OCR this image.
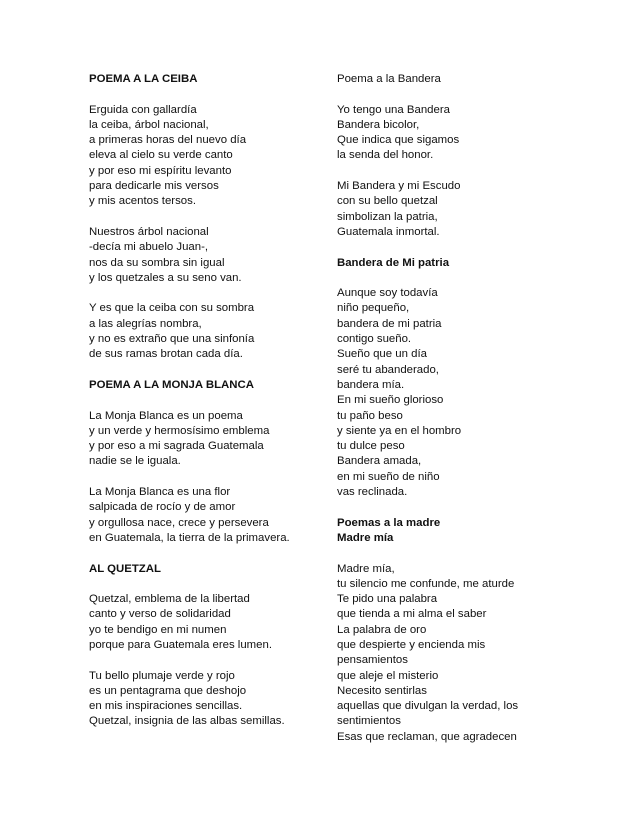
POEMA A LA CEIBA
Erguida con gallardía
la ceiba, árbol nacional,
a primeras horas del nuevo día
eleva al cielo su verde canto
y por eso mi espíritu levanto
para dedicarle mis versos
y mis acentos tersos.
Nuestros árbol nacional
-decía mi abuelo Juan-,
nos da su sombra sin igual
y los quetzales a su seno van.
Y es que la ceiba con su sombra
a las alegrías nombra,
y no es extraño que una sinfonía
de sus ramas brotan cada día.
POEMA A LA MONJA BLANCA
La Monja Blanca es un poema
y un verde y hermosísimo emblema
y por eso a mi sagrada Guatemala
nadie se le iguala.
La Monja Blanca es una flor
salpicada de rocío y de amor
y orgullosa nace, crece y persevera
en Guatemala, la tierra de la primavera.
AL QUETZAL
Quetzal, emblema de la libertad
canto y verso de solidaridad
yo te bendigo en mi numen
porque para Guatemala eres lumen.
Tu bello plumaje verde y rojo
es un pentagrama que deshojo
en mis inspiraciones sencillas.
Quetzal, insignia de las albas semillas.
Poema a la Bandera
Yo tengo una Bandera
Bandera bicolor,
Que indica que sigamos
la senda del honor.
Mi Bandera y mi Escudo
con su bello quetzal
simbolizan la patria,
Guatemala inmortal.
Bandera de Mi patria
Aunque soy todavía
niño pequeño,
bandera de mi patria
contigo sueño.
Sueño que un día
seré tu abanderado,
bandera mía.
En mi sueño glorioso
tu paño beso
y siente ya en el hombro
tu dulce peso
Bandera amada,
en mi sueño de niño
vas reclinada.
Poemas a la madre
Madre mía
Madre mía,
tu silencio me confunde, me aturde
Te pido una palabra
que tienda a mi alma el saber
La palabra de oro
que despierte y encienda mis
pensamientos
que aleje el misterio
Necesito sentirlas
aquellas que divulgan la verdad, los
sentimientos
Esas que reclaman, que agradecen
